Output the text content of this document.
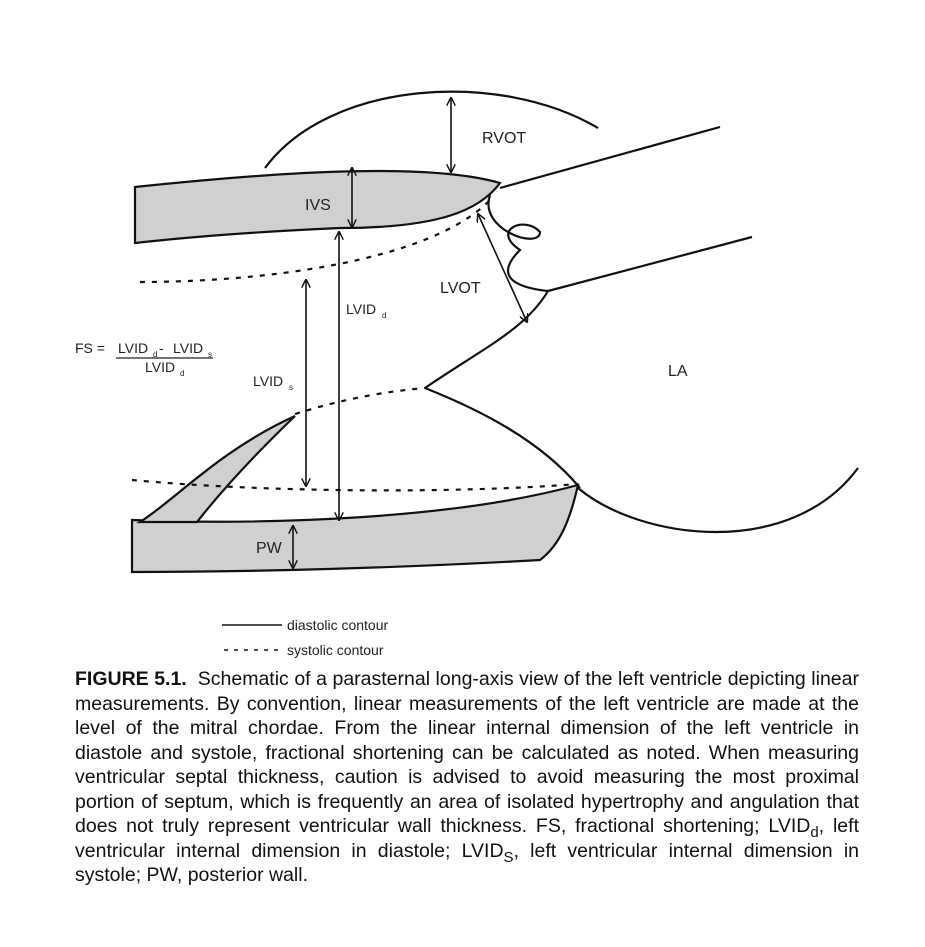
RVOT
IVS
LVOT
LA
PW
LVID d
LVID s
FS = LVID d - LVID s
LVID d
diastolic contour
systolic contour
FIGURE 5.1. Schematic of a parasternal long-axis view of the left ventricle depicting linear measurements. By convention, linear measurements of the left ventricle are made at the level of the mitral chordae. From the linear internal dimension of the left ventricle in diastole and systole, fractional shortening can be calculated as noted. When measuring ventricular septal thickness, caution is advised to avoid measuring the most proximal portion of septum, which is frequently an area of isolated hypertrophy and angulation that does not truly represent ventricular wall thickness. FS, fractional shortening; $LVID_d$, left ventricular internal dimension in diastole; $LVID_S$, left ventricular internal dimension in systole; PW, posterior wall.
